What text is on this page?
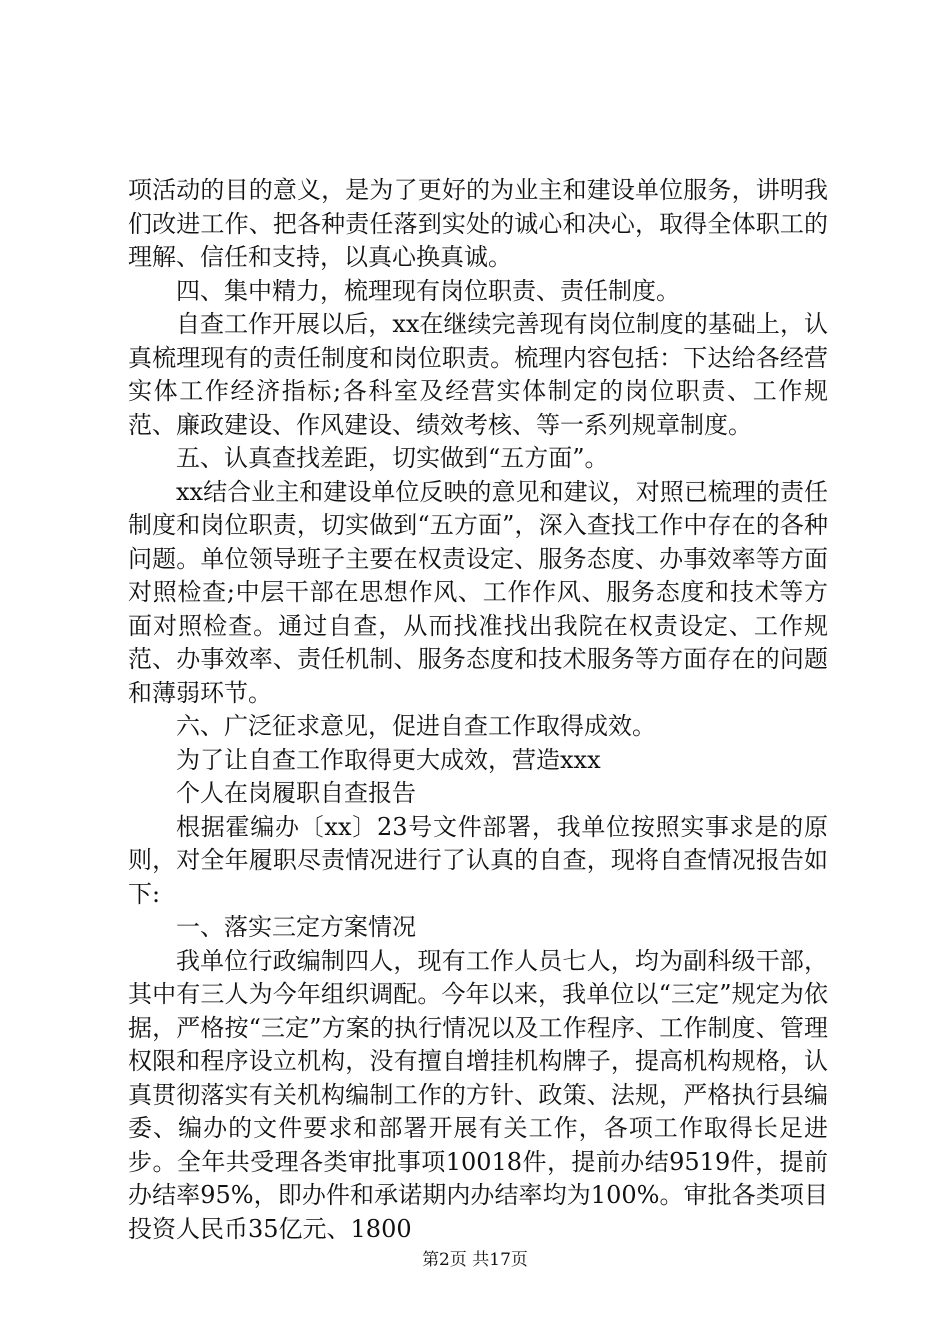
项活动的目的意义，是为了更好的为业主和建设单位服务，讲明我们改进工作、把各种责任落到实处的诚心和决心，取得全体职工的理解、信任和支持，以真心换真诚。

四、集中精力，梳理现有岗位职责、责任制度。

自查工作开展以后，xx在继续完善现有岗位制度的基础上，认真梳理现有的责任制度和岗位职责。梳理内容包括：下达给各经营实体工作经济指标;各科室及经营实体制定的岗位职责、工作规范、廉政建设、作风建设、绩效考核、等一系列规章制度。

五、认真查找差距，切实做到“五方面”。

xx结合业主和建设单位反映的意见和建议，对照已梳理的责任制度和岗位职责，切实做到“五方面”，深入查找工作中存在的各种问题。单位领导班子主要在权责设定、服务态度、办事效率等方面对照检查;中层干部在思想作风、工作作风、服务态度和技术等方面对照检查。通过自查，从而找准找出我院在权责设定、工作规范、办事效率、责任机制、服务态度和技术服务等方面存在的问题和薄弱环节。

六、广泛征求意见，促进自查工作取得成效。

为了让自查工作取得更大成效，营造xxx

个人在岗履职自查报告

根据霍编办〔xx〕23号文件部署，我单位按照实事求是的原则，对全年履职尽责情况进行了认真的自查，现将自查情况报告如下:

一、落实三定方案情况

我单位行政编制四人，现有工作人员七人，均为副科级干部，其中有三人为今年组织调配。今年以来，我单位以“三定”规定为依据，严格按“三定”方案的执行情况以及工作程序、工作制度、管理权限和程序设立机构，没有擅自增挂机构牌子，提高机构规格，认真贯彻落实有关机构编制工作的方针、政策、法规，严格执行县编委、编办的文件要求和部署开展有关工作，各项工作取得长足进步。全年共受理各类审批事项10018件，提前办结9519件，提前办结率95%，即办件和承诺期内办结率均为100%。审批各类项目投资人民币35亿元、1800

第2页 共17页
